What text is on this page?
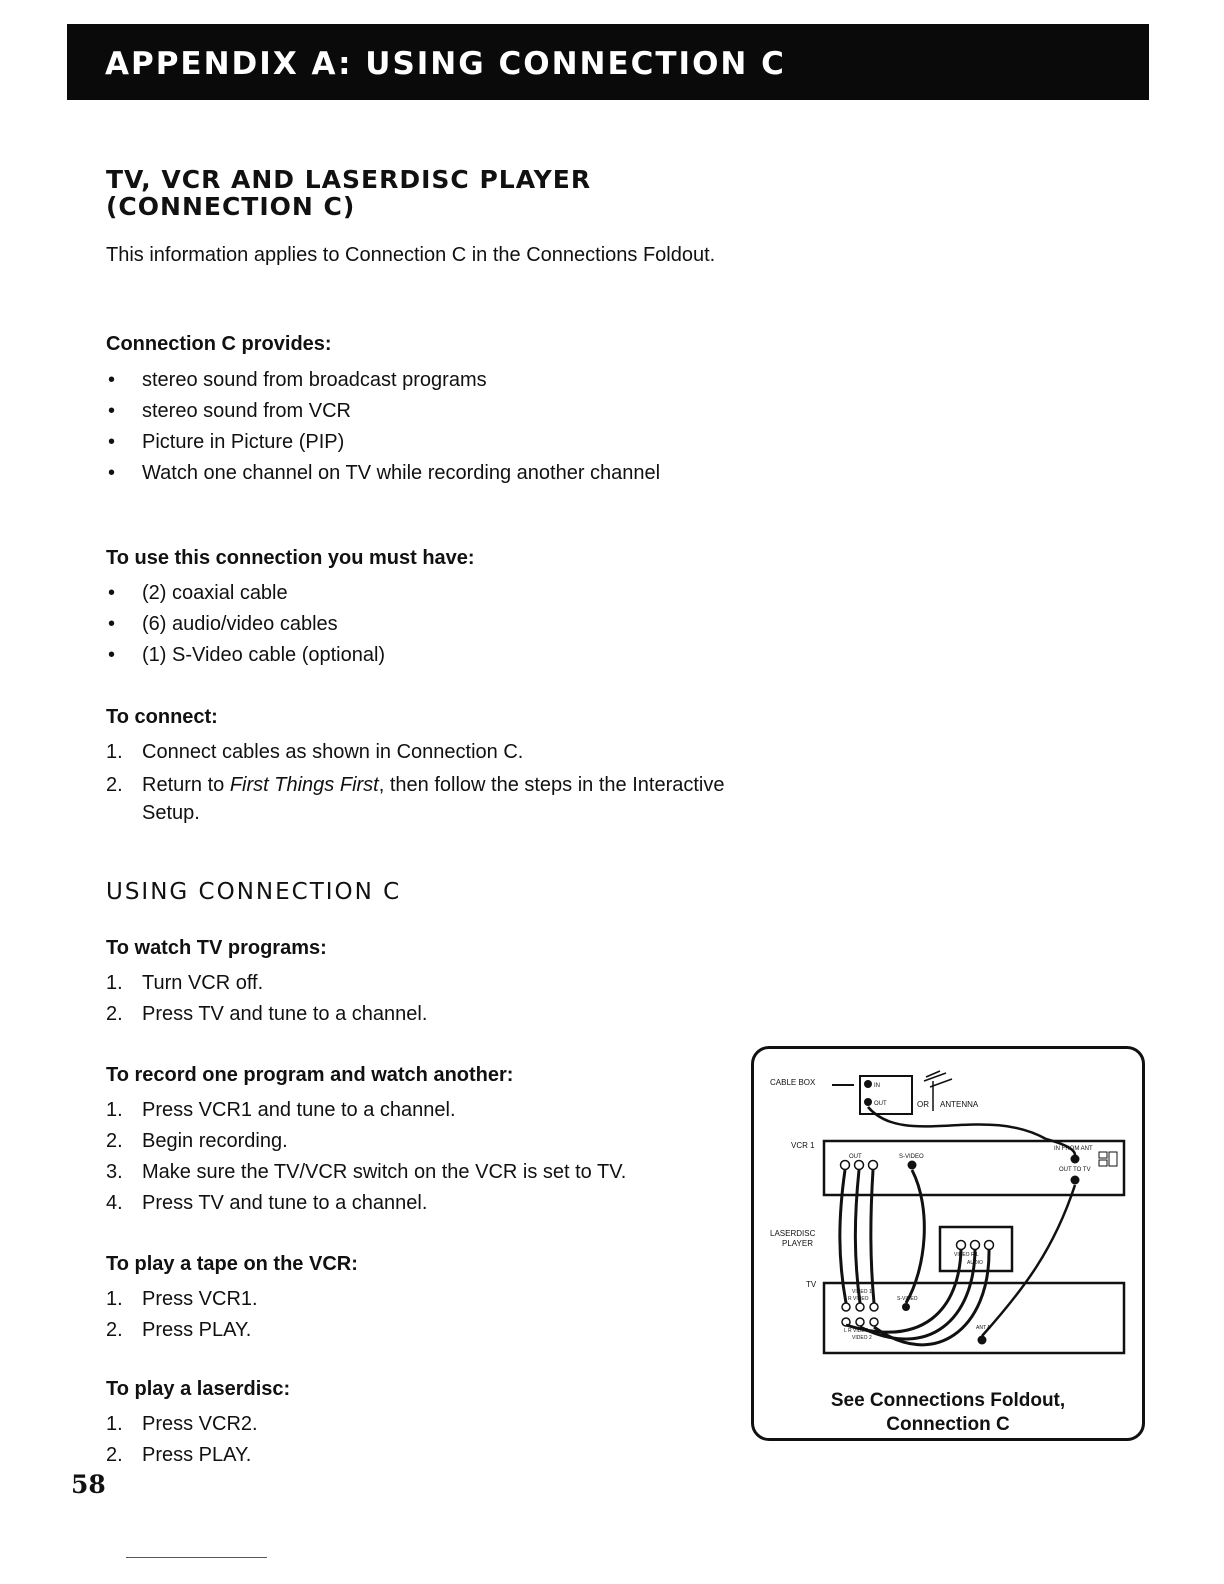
APPENDIX A: USING CONNECTION C
TV, VCR AND LASERDISC PLAYER
(CONNECTION C)
This information applies to Connection C in the Connections Foldout.
Connection C provides:
• stereo sound from broadcast programs
• stereo sound from VCR
• Picture in Picture (PIP)
• Watch one channel on TV while recording another channel
To use this connection you must have:
• (2) coaxial cable
• (6) audio/video cables
• (1) S-Video cable (optional)
To connect:
1. Connect cables as shown in Connection C.
2. Return to First Things First, then follow the steps in the Interactive Setup.
USING CONNECTION C
To watch TV programs:
1. Turn VCR off.
2. Press TV and tune to a channel.
To record one program and watch another:
1. Press VCR1 and tune to a channel.
2. Begin recording.
3. Make sure the TV/VCR switch on the VCR is set to TV.
4. Press TV and tune to a channel.
To play a tape on the VCR:
1. Press VCR1.
2. Press PLAY.
To play a laserdisc:
1. Press VCR2.
2. Press PLAY.
58
CABLE BOX	IN
OUT	OR ANTENNA
VCR 1
OUT	S-VIDEO
IN FROM ANT
OUT TO TV
LASERDISC
PLAYER
VIDEO R L
AUDIO
TV
VIDEO 1
L R VIDEO	S-VIDEO
L R VIDEO
VIDEO 2
ANT A
See Connections Foldout,
Connection C
